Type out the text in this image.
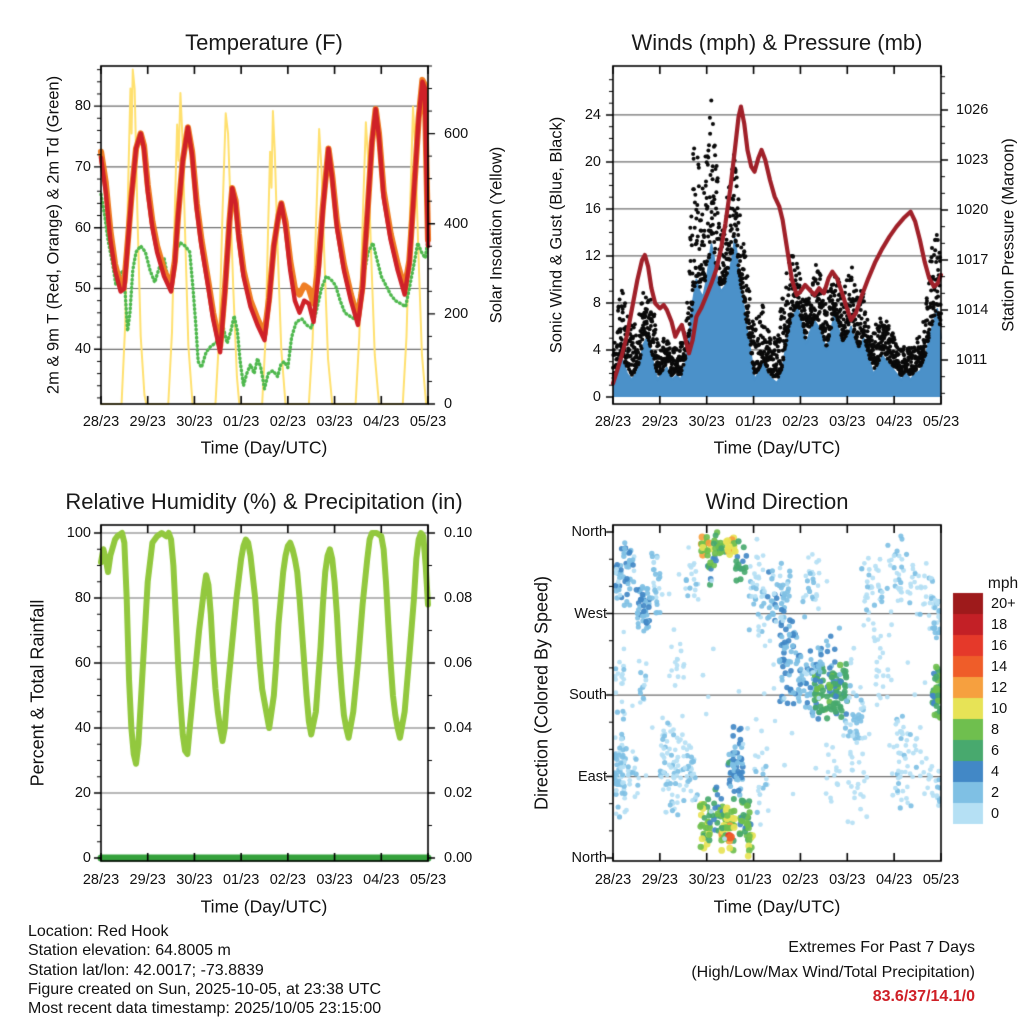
Temperature (F)	Winds (mph) & Pressure (mb)
Relative Humidity (%) & Precipitation (in)	Wind Direction
Time (Day/UTC)	Time (Day/UTC)
Time (Day/UTC)	Time (Day/UTC)
2m & 9m T (Red, Orange) & 2m Td (Green)	Solar Insolation (Yellow)	Sonic Wind & Gust (Blue, Black)	Station Pressure (Maroon)
Percent & Total Rainfall	Direction (Colored By Speed)	mph
28/23	28/23
28/23	28/23
29/23	29/23
29/23	29/23
30/23	30/23
30/23	30/23
01/23	01/23
01/23	01/23
02/23	02/23
02/23	02/23
03/23	03/23
03/23	03/23
04/23	04/23
04/23	04/23
05/23	05/23
05/23	05/23
40
50
60
70
80
0
200
400
600
0
4
8
12
16
20
24
1011
1014
1017
1020
1023
1026
0
20
40
60
80
100
0.00
0.02
0.04
0.06
0.08
0.10	North
West
South
East
North
20+
18
16
14
12
10
8
6
4
2
0
Location: Red Hook
Station elevation: 64.8005 m
Station lat/lon: 42.0017; -73.8839
Figure created on Sun, 2025-10-05, at 23:38 UTC
Most recent data timestamp: 2025/10/05 23:15:00
Extremes For Past 7 Days
(High/Low/Max Wind/Total Precipitation)
83.6/37/14.1/0
